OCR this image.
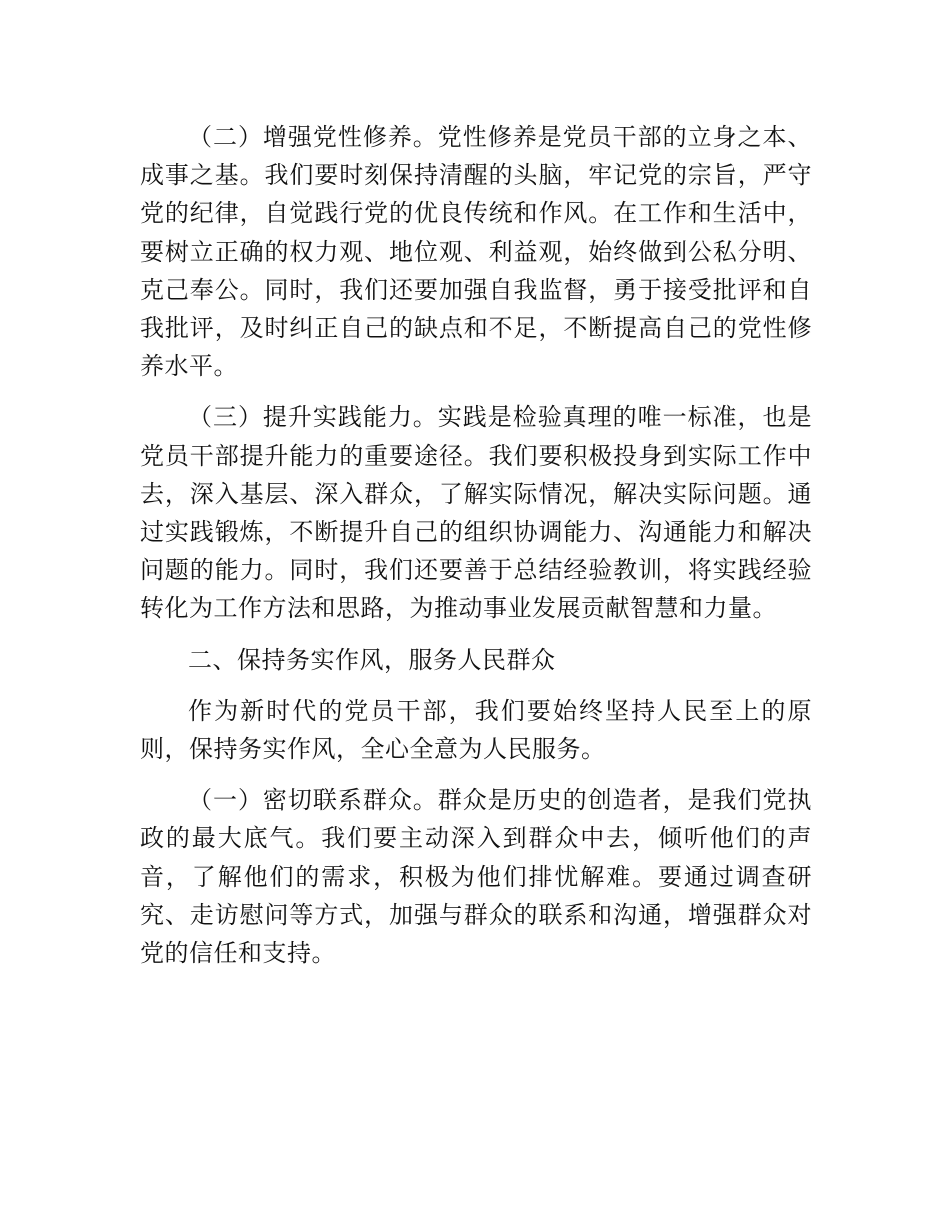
（二）增强党性修养。党性修养是党员干部的立身之本、成事之基。我们要时刻保持清醒的头脑，牢记党的宗旨，严守党的纪律，自觉践行党的优良传统和作风。在工作和生活中，要树立正确的权力观、地位观、利益观，始终做到公私分明、克己奉公。同时，我们还要加强自我监督，勇于接受批评和自我批评，及时纠正自己的缺点和不足，不断提高自己的党性修养水平。

（三）提升实践能力。实践是检验真理的唯一标准，也是党员干部提升能力的重要途径。我们要积极投身到实际工作中去，深入基层、深入群众，了解实际情况，解决实际问题。通过实践锻炼，不断提升自己的组织协调能力、沟通能力和解决问题的能力。同时，我们还要善于总结经验教训，将实践经验转化为工作方法和思路，为推动事业发展贡献智慧和力量。

二、保持务实作风，服务人民群众

作为新时代的党员干部，我们要始终坚持人民至上的原则，保持务实作风，全心全意为人民服务。

（一）密切联系群众。群众是历史的创造者，是我们党执政的最大底气。我们要主动深入到群众中去，倾听他们的声音，了解他们的需求，积极为他们排忧解难。要通过调查研究、走访慰问等方式，加强与群众的联系和沟通，增强群众对党的信任和支持。
